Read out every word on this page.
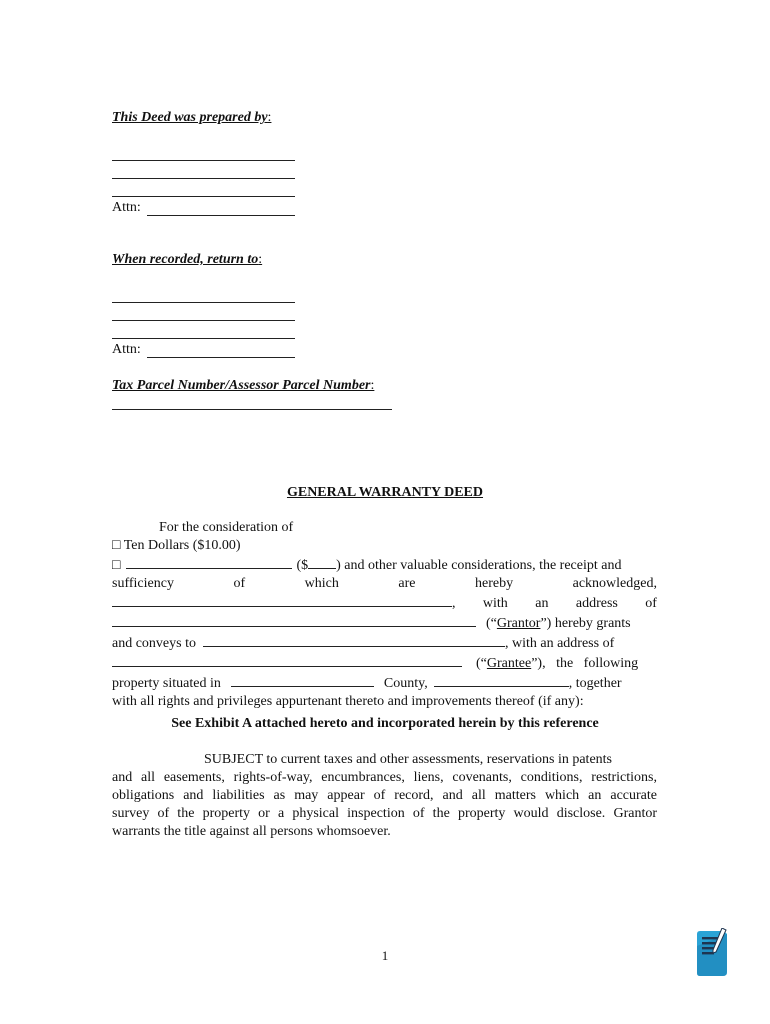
This Deed was prepared by:
Attn:
When recorded, return to:
Attn:
Tax Parcel Number/Assessor Parcel Number:
GENERAL WARRANTY DEED
For the consideration of
□ Ten Dollars ($10.00)
□	($ ) and other valuable considerations, the receipt and
sufficiency	of	which	are	hereby	acknowledged,
, with an address of
(“ Grantor ”) hereby grants
and conveys to	, with an address of
(“ Grantee ”),   the   following
property situated in	County,	, together
with all rights and privileges appurtenant thereto and improvements thereof (if any):
See Exhibit A attached hereto and incorporated herein by this reference
SUBJECT to current taxes and other assessments, reservations in patents
and all easements, rights-of-way, encumbrances, liens, covenants, conditions, restrictions,
obligations and liabilities as may appear of record, and all matters which an accurate
survey of the property or a physical inspection of the property would disclose. Grantor
warrants the title against all persons whomsoever.
1
